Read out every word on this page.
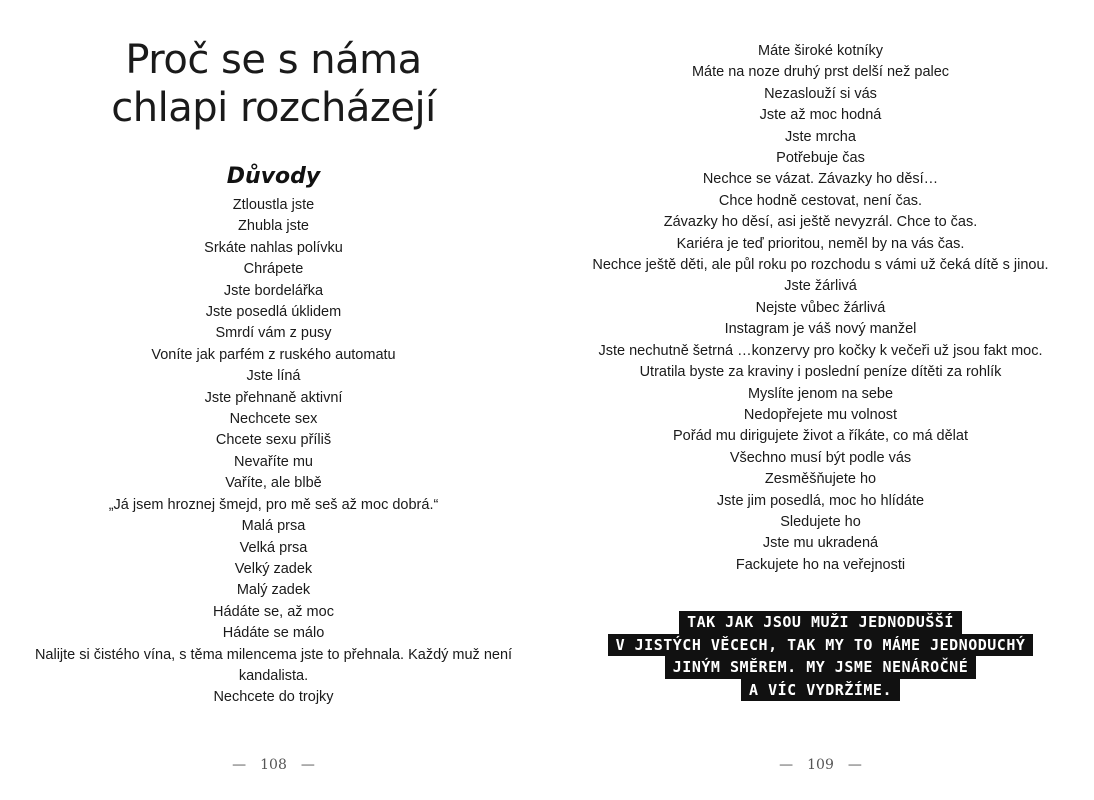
Proč se s náma
chlapi rozcházejí
Důvody
Ztloustla jste
Zhubla jste
Srkáte nahlas polívku
Chrápete
Jste bordelářka
Jste posedlá úklidem
Smrdí vám z pusy
Voníte jak parfém z ruského automatu
Jste líná
Jste přehnaně aktivní
Nechcete sex
Chcete sexu příliš
Nevaříte mu
Vaříte, ale blbě
„Já jsem hroznej šmejd, pro mě seš až moc dobrá.“
Malá prsa
Velká prsa
Velký zadek
Malý zadek
Hádáte se, až moc
Hádáte se málo
Nalijte si čistého vína, s těma milencema jste to přehnala. Každý muž není kandalista.
Nechcete do trojky
— 108 —
Máte široké kotníky
Máte na noze druhý prst delší než palec
Nezaslouží si vás
Jste až moc hodná
Jste mrcha
Potřebuje čas
Nechce se vázat. Závazky ho děsí…
Chce hodně cestovat, není čas.
Závazky ho děsí, asi ještě nevyzrál. Chce to čas.
Kariéra je teď prioritou, neměl by na vás čas.
Nechce ještě děti, ale půl roku po rozchodu s vámi už čeká dítě s jinou.
Jste žárlivá
Nejste vůbec žárlivá
Instagram je váš nový manžel
Jste nechutně šetrná …konzervy pro kočky k večeři už jsou fakt moc.
Utratila byste za kraviny i poslední peníze dítěti za rohlík
Myslíte jenom na sebe
Nedopřejete mu volnost
Pořád mu dirigujete život a říkáte, co má dělat
Všechno musí být podle vás
Zesměšňujete ho
Jste jim posedlá, moc ho hlídáte
Sledujete ho
Jste mu ukradená
Fackujete ho na veřejnosti
TAK JAK JSOU MUŽI JEDNODUŠŠÍ
V JISTÝCH VĚCECH, TAK MY TO MÁME JEDNODUCHÝ
JINÝM SMĚREM. MY JSME NENÁROČNÉ
A VÍC VYDRŽÍME.
— 109 —
